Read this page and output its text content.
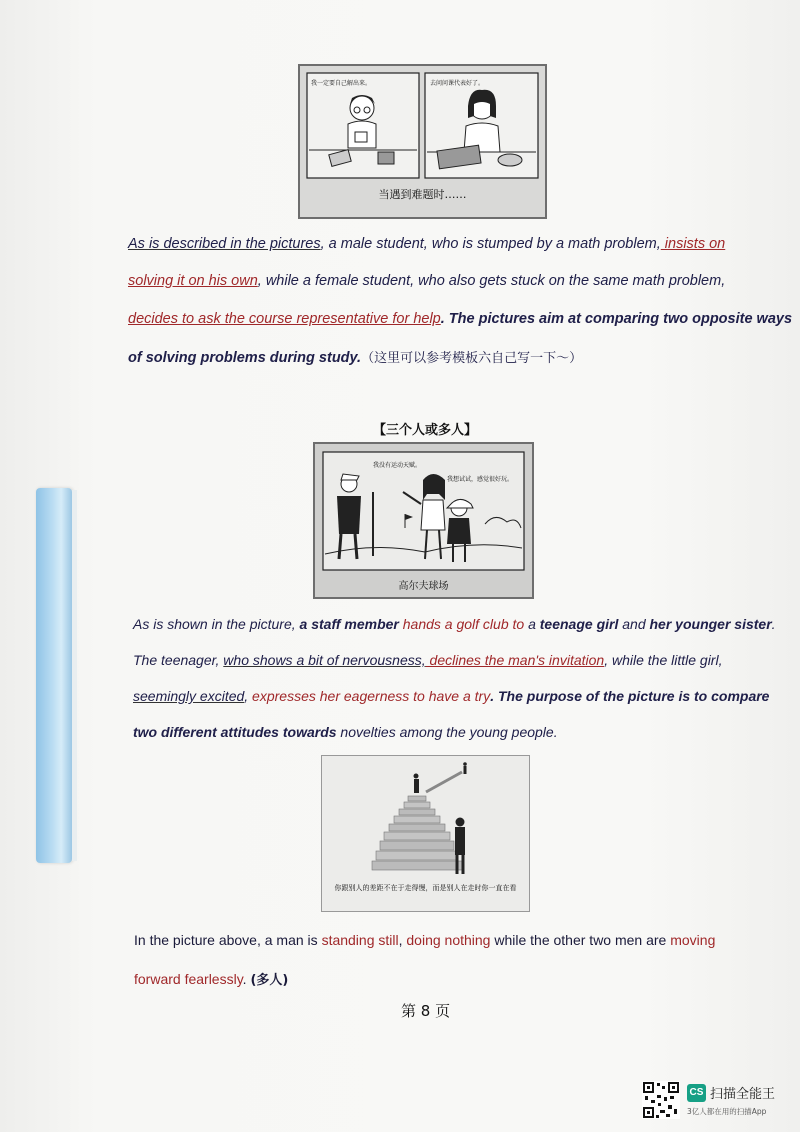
我一定要自己解出来。	去问问课代表好了。
当遇到难题时……
As is described in the pictures, a male student, who is stumped by a math problem, insists on
solving it on his own, while a female student, who also gets stuck on the same math problem,
decides to ask the course representative for help. The pictures aim at comparing two opposite ways
of solving problems during study.（这里可以参考模板六自己写一下～）
【三个人或多人】
我没有运动天赋。
我想试试，感觉很好玩。
高尔夫球场
As is shown in the picture, a staff member hands a golf club to a teenage girl and her younger sister.
The teenager, who shows a bit of nervousness, declines the man's invitation, while the little girl,
seemingly excited, expresses her eagerness to have a try. The purpose of the picture is to compare
two different attitudes towards novelties among the young people.
你跟别人的差距不在于走得慢，而是别人在走时你一直在看
In the picture above, a man is standing still, doing nothing while the other two men are moving
forward fearlessly. (多人)
第 8 页
CS 扫描全能王
3亿人都在用的扫描App
